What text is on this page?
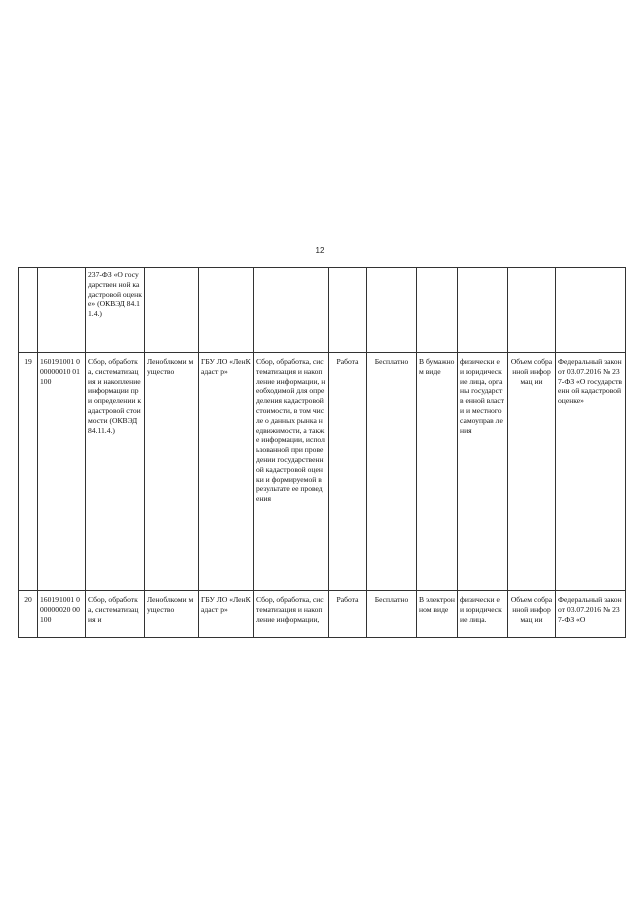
12
		237-ФЗ «О государствен ной кадастровой оценке» (ОКВЭД 84.11.4.)									
19	160191001 000000010 01100	Сбор, обработка, систематизац ия и накопление информации при определении кадастровой стоимости (ОКВЭД 84.11.4.)	Леноблкоми муществo	ГБУ ЛО «ЛенКадаст р»	Сбор, обработка, систематизация и накопление информации, необходимой для определения кадастровой стоимости, в том числе о данных рынка недвижимости, а также информации, использованной при проведении государственной кадастровой оценки и формируемой в результате ее проведения	Работа	Бесплатно	В бумажно м виде	физически е и юридическ ие лица, органы государств енной власти и местного самоуправ ления	Объем собранной информац ии	Федеральный закон от 03.07.2016 № 237-ФЗ «О государственн ой кадастровой оценке»
20	160191001 000000020 00100	Сбор, обработка, систематизац ия и	Леноблкоми муществo	ГБУ ЛО «ЛенКадаст р»	Сбор, обработка, систематизация и накопление информации,	Работа	Бесплатно	В электрон ном виде	физически е и юридическ ие лица.	Объем собранной информац ии	Федеральный закон от 03.07.2016 № 237-ФЗ «О
